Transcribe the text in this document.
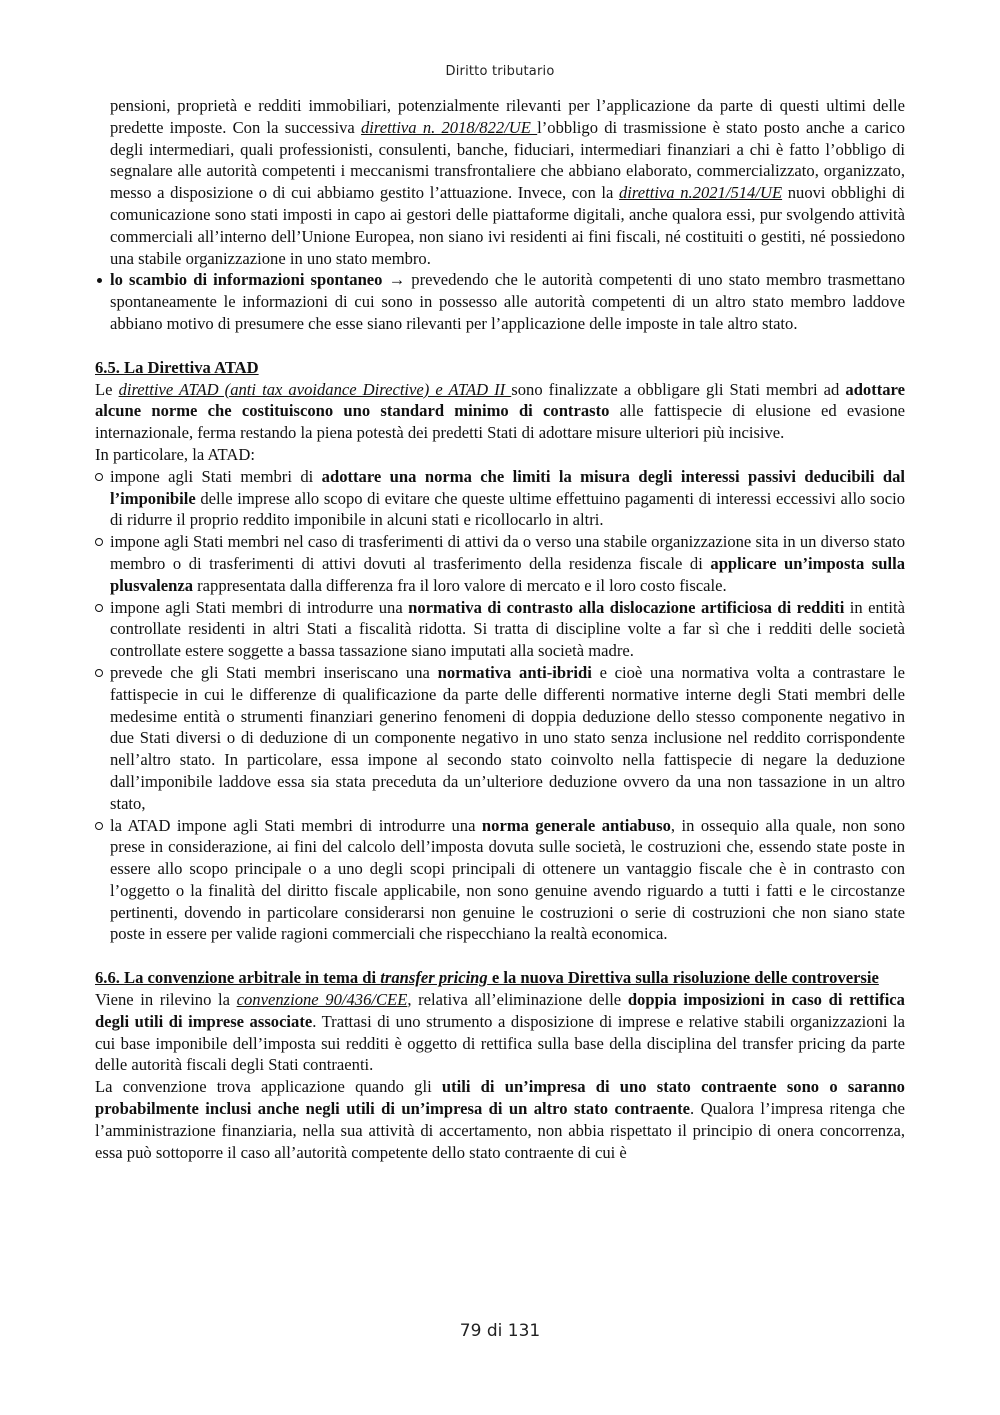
Diritto tributario

pensioni, proprietà e redditi immobiliari, potenzialmente rilevanti per l’applicazione da parte di questi ultimi delle predette imposte. Con la successiva direttiva n. 2018/822/UE l’obbligo di trasmissione è stato posto anche a carico degli intermediari, quali professionisti, consulenti, banche, fiduciari, intermediari finanziari a chi è fatto l’obbligo di segnalare alle autorità competenti i meccanismi transfrontaliere che abbiano elaborato, commercializzato, organizzato, messo a disposizione o di cui abbiamo gestito l’attuazione. Invece, con la direttiva n.2021/514/UE nuovi obblighi di comunicazione sono stati imposti in capo ai gestori delle piattaforme digitali, anche qualora essi, pur svolgendo attività commerciali all’interno dell’Unione Europea, non siano ivi residenti ai fini fiscali, né costituiti o gestiti, né possiedono una stabile organizzazione in uno stato membro.

lo scambio di informazioni spontaneo → prevedendo che le autorità competenti di uno stato membro trasmettano spontaneamente le informazioni di cui sono in possesso alle autorità competenti di un altro stato membro laddove abbiano motivo di presumere che esse siano rilevanti per l’applicazione delle imposte in tale altro stato.

6.5. La Direttiva ATAD

Le direttive ATAD (anti tax avoidance Directive) e ATAD II sono finalizzate a obbligare gli Stati membri ad adottare alcune norme che costituiscono uno standard minimo di contrasto alle fattispecie di elusione ed evasione internazionale, ferma restando la piena potestà dei predetti Stati di adottare misure ulteriori più incisive.

In particolare, la ATAD:

impone agli Stati membri di adottare una norma che limiti la misura degli interessi passivi deducibili dal l’imponibile delle imprese allo scopo di evitare che queste ultime effettuino pagamenti di interessi eccessivi allo socio di ridurre il proprio reddito imponibile in alcuni stati e ricollocarlo in altri.
impone agli Stati membri nel caso di trasferimenti di attivi da o verso una stabile organizzazione sita in un diverso stato membro o di trasferimenti di attivi dovuti al trasferimento della residenza fiscale di applicare un’imposta sulla plusvalenza rappresentata dalla differenza fra il loro valore di mercato e il loro costo fiscale.
impone agli Stati membri di introdurre una normativa di contrasto alla dislocazione artificiosa di redditi in entità controllate residenti in altri Stati a fiscalità ridotta. Si tratta di discipline volte a far sì che i redditi delle società controllate estere soggette a bassa tassazione siano imputati alla società madre.
prevede che gli Stati membri inseriscano una normativa anti-ibridi e cioè una normativa volta a contrastare le fattispecie in cui le differenze di qualificazione da parte delle differenti normative interne degli Stati membri delle medesime entità o strumenti finanziari generino fenomeni di doppia deduzione dello stesso componente negativo in due Stati diversi o di deduzione di un componente negativo in uno stato senza inclusione nel reddito corrispondente nell’altro stato. In particolare, essa impone al secondo stato coinvolto nella fattispecie di negare la deduzione dall’imponibile laddove essa sia stata preceduta da un’ulteriore deduzione ovvero da una non tassazione in un altro stato,
la ATAD impone agli Stati membri di introdurre una norma generale antiabuso, in ossequio alla quale, non sono prese in considerazione, ai fini del calcolo dell’imposta dovuta sulle società, le costruzioni che, essendo state poste in essere allo scopo principale o a uno degli scopi principali di ottenere un vantaggio fiscale che è in contrasto con l’oggetto o la finalità del diritto fiscale applicabile, non sono genuine avendo riguardo a tutti i fatti e le circostanze pertinenti, dovendo in particolare considerarsi non genuine le costruzioni o serie di costruzioni che non siano state poste in essere per valide ragioni commerciali che rispecchiano la realtà economica.

6.6. La convenzione arbitrale in tema di transfer pricing e la nuova Direttiva sulla risoluzione delle controversie

Viene in rilevino la convenzione 90/436/CEE, relativa all’eliminazione delle doppia imposizioni in caso di rettifica degli utili di imprese associate. Trattasi di uno strumento a disposizione di imprese e relative stabili organizzazioni la cui base imponibile dell’imposta sui redditi è oggetto di rettifica sulla base della disciplina del transfer pricing da parte delle autorità fiscali degli Stati contraenti.

La convenzione trova applicazione quando gli utili di un’impresa di uno stato contraente sono o saranno probabilmente inclusi anche negli utili di un’impresa di un altro stato contraente. Qualora l’impresa ritenga che l’amministrazione finanziaria, nella sua attività di accertamento, non abbia rispettato il principio di onera concorrenza, essa può sottoporre il caso all’autorità competente dello stato contraente di cui è

79 di 131
